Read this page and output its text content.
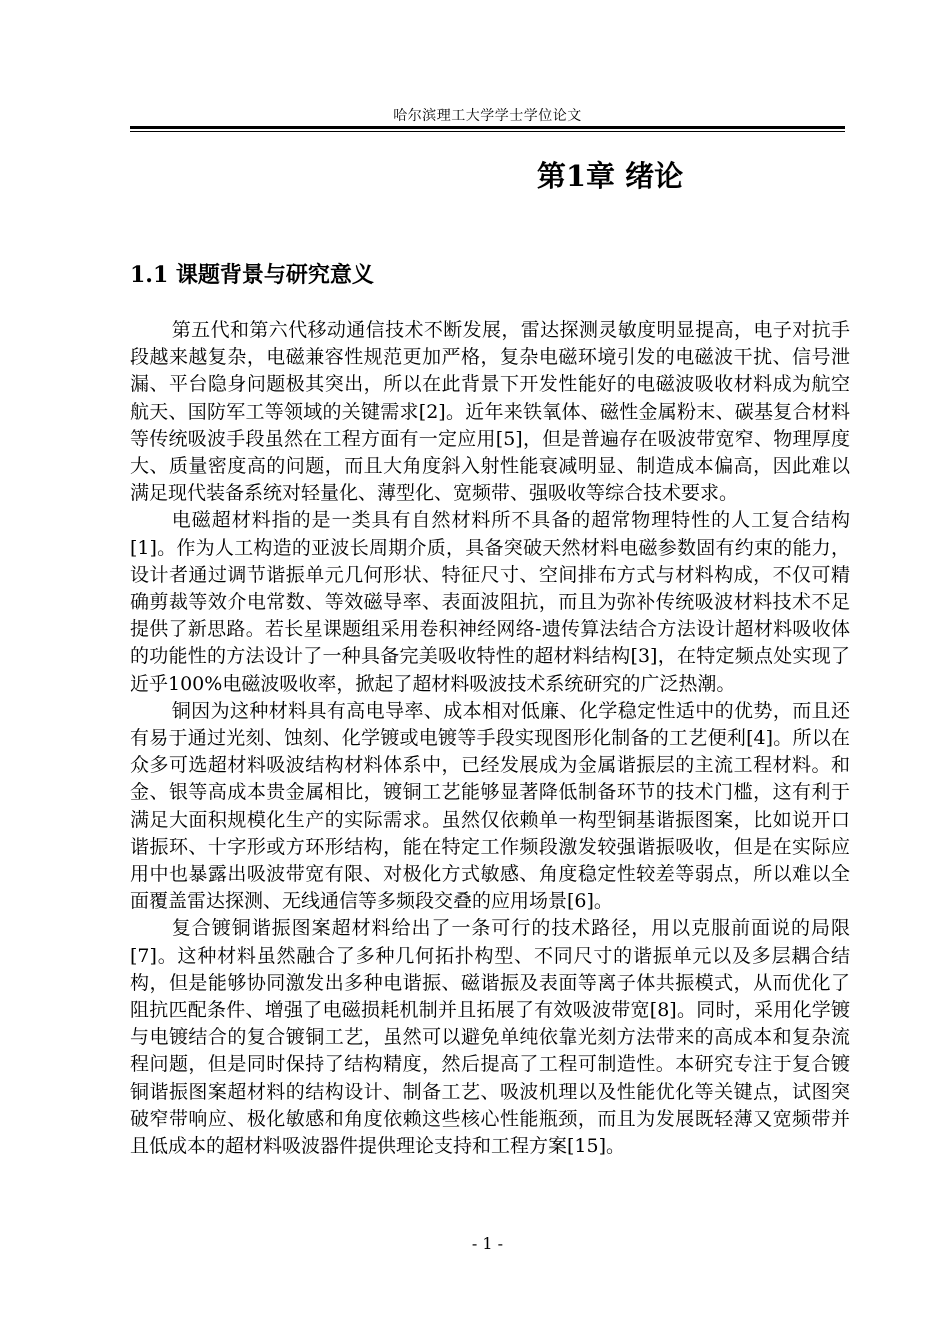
哈尔滨理工大学学士学位论文
第1章 绪论
1.1 课题背景与研究意义

第五代和第六代移动通信技术不断发展，雷达探测灵敏度明显提高，电子对抗手段越来越复杂，电磁兼容性规范更加严格，复杂电磁环境引发的电磁波干扰、信号泄漏、平台隐身问题极其突出，所以在此背景下开发性能好的电磁波吸收材料成为航空航天、国防军工等领域的关键需求[2]。近年来铁氧体、磁性金属粉末、碳基复合材料等传统吸波手段虽然在工程方面有一定应用[5]，但是普遍存在吸波带宽窄、物理厚度大、质量密度高的问题，而且大角度斜入射性能衰减明显、制造成本偏高，因此难以满足现代装备系统对轻量化、薄型化、宽频带、强吸收等综合技术要求。

电磁超材料指的是一类具有自然材料所不具备的超常物理特性的人工复合结构[1]。作为人工构造的亚波长周期介质，具备突破天然材料电磁参数固有约束的能力，设计者通过调节谐振单元几何形状、特征尺寸、空间排布方式与材料构成，不仅可精确剪裁等效介电常数、等效磁导率、表面波阻抗，而且为弥补传统吸波材料技术不足提供了新思路。若长星课题组采用卷积神经网络-遗传算法结合方法设计超材料吸收体的功能性的方法设计了一种具备完美吸收特性的超材料结构[3]，在特定频点处实现了近乎100%电磁波吸收率，掀起了超材料吸波技术系统研究的广泛热潮。

铜因为这种材料具有高电导率、成本相对低廉、化学稳定性适中的优势，而且还有易于通过光刻、蚀刻、化学镀或电镀等手段实现图形化制备的工艺便利[4]。所以在众多可选超材料吸波结构材料体系中，已经发展成为金属谐振层的主流工程材料。和金、银等高成本贵金属相比，镀铜工艺能够显著降低制备环节的技术门槛，这有利于满足大面积规模化生产的实际需求。虽然仅依赖单一构型铜基谐振图案，比如说开口谐振环、十字形或方环形结构，能在特定工作频段激发较强谐振吸收，但是在实际应用中也暴露出吸波带宽有限、对极化方式敏感、角度稳定性较差等弱点，所以难以全面覆盖雷达探测、无线通信等多频段交叠的应用场景[6]。

复合镀铜谐振图案超材料给出了一条可行的技术路径，用以克服前面说的局限[7]。这种材料虽然融合了多种几何拓扑构型、不同尺寸的谐振单元以及多层耦合结构，但是能够协同激发出多种电谐振、磁谐振及表面等离子体共振模式，从而优化了阻抗匹配条件、增强了电磁损耗机制并且拓展了有效吸波带宽[8]。同时，采用化学镀与电镀结合的复合镀铜工艺，虽然可以避免单纯依靠光刻方法带来的高成本和复杂流程问题，但是同时保持了结构精度，然后提高了工程可制造性。本研究专注于复合镀铜谐振图案超材料的结构设计、制备工艺、吸波机理以及性能优化等关键点，试图突破窄带响应、极化敏感和角度依赖这些核心性能瓶颈，而且为发展既轻薄又宽频带并且低成本的超材料吸波器件提供理论支持和工程方案[15]。

- 1 -
